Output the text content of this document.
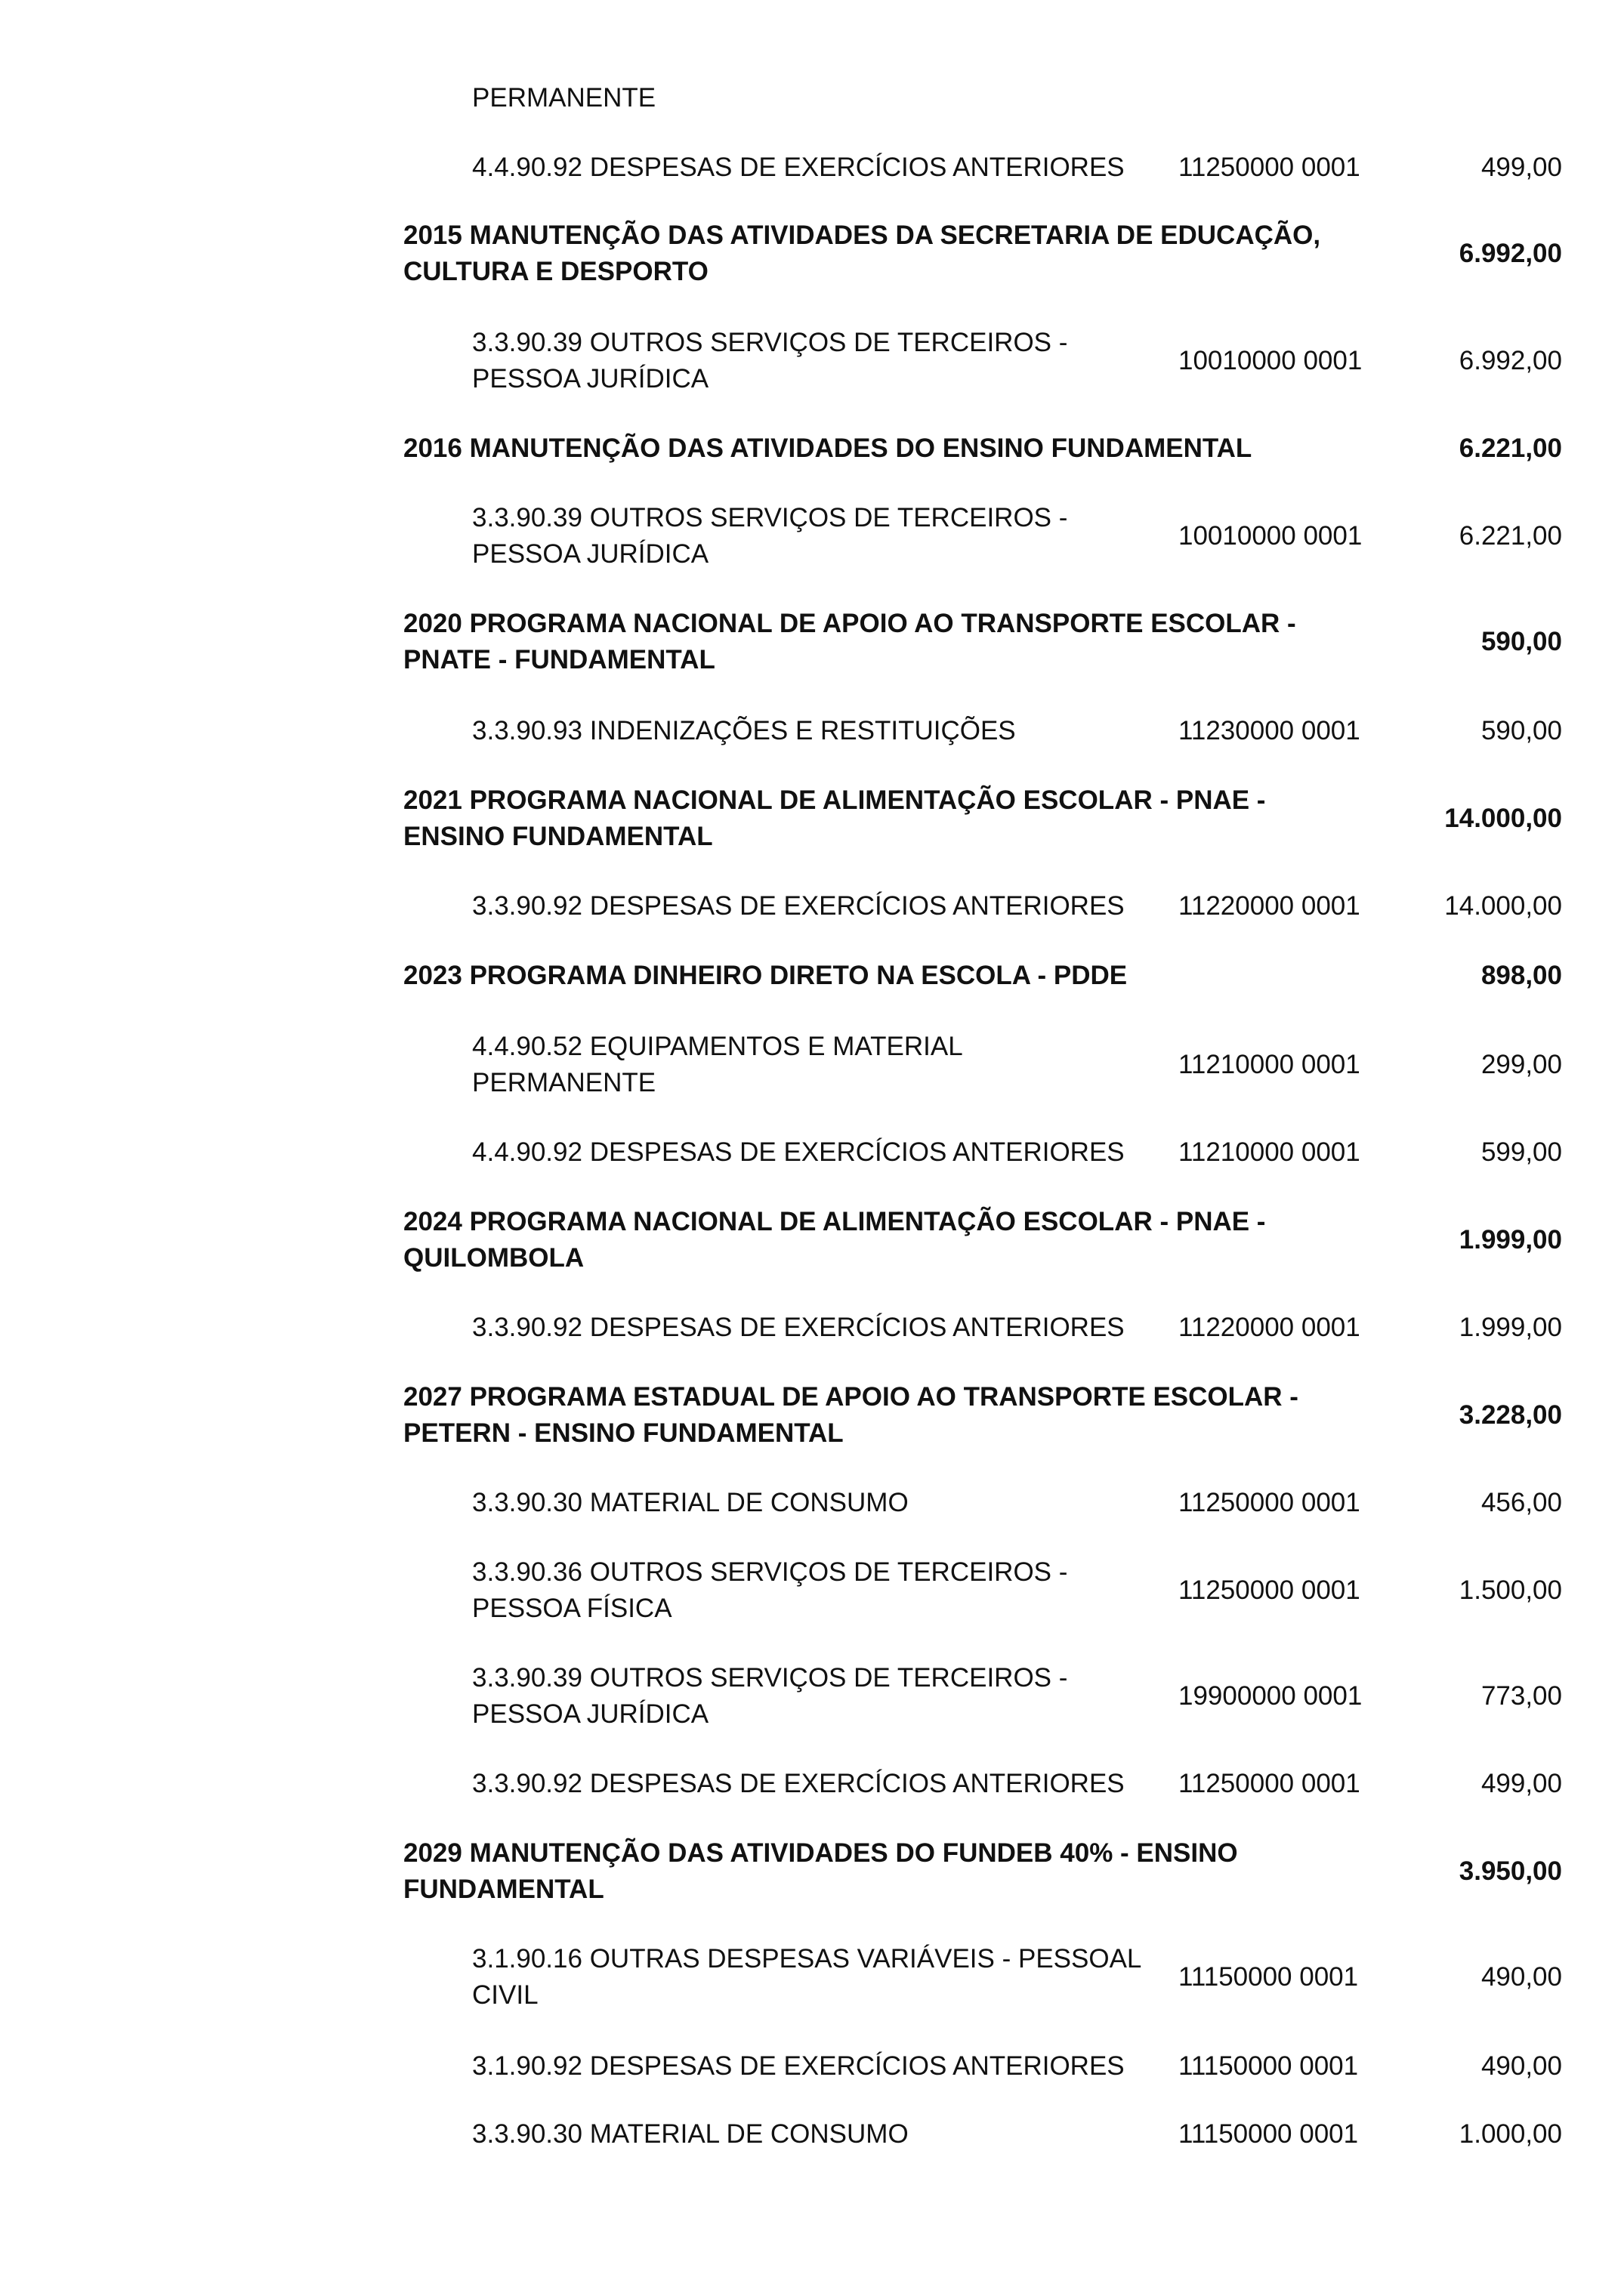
PERMANENTE
4.4.90.92 DESPESAS DE EXERCÍCIOS ANTERIORES 11250000 0001	499,00
2015 MANUTENÇÃO DAS ATIVIDADES DA SECRETARIA DE EDUCAÇÃO,
CULTURA E DESPORTO
6.992,00
3.3.90.39 OUTROS SERVIÇOS DE TERCEIROS -
PESSOA JURÍDICA
10010000 0001	6.992,00
2016 MANUTENÇÃO DAS ATIVIDADES DO ENSINO FUNDAMENTAL	6.221,00
3.3.90.39 OUTROS SERVIÇOS DE TERCEIROS -
PESSOA JURÍDICA
10010000 0001	6.221,00
2020 PROGRAMA NACIONAL DE APOIO AO TRANSPORTE ESCOLAR -
PNATE - FUNDAMENTAL
590,00
3.3.90.93 INDENIZAÇÕES E RESTITUIÇÕES	11230000 0001	590,00
2021 PROGRAMA NACIONAL DE ALIMENTAÇÃO ESCOLAR - PNAE -
ENSINO FUNDAMENTAL
14.000,00
3.3.90.92 DESPESAS DE EXERCÍCIOS ANTERIORES 11220000 0001	14.000,00
2023 PROGRAMA DINHEIRO DIRETO NA ESCOLA - PDDE	898,00
4.4.90.52 EQUIPAMENTOS E MATERIAL
PERMANENTE
11210000 0001	299,00
4.4.90.92 DESPESAS DE EXERCÍCIOS ANTERIORES 11210000 0001	599,00
2024 PROGRAMA NACIONAL DE ALIMENTAÇÃO ESCOLAR - PNAE -
QUILOMBOLA
1.999,00
3.3.90.92 DESPESAS DE EXERCÍCIOS ANTERIORES 11220000 0001	1.999,00
2027 PROGRAMA ESTADUAL DE APOIO AO TRANSPORTE ESCOLAR -
PETERN - ENSINO FUNDAMENTAL
3.228,00
3.3.90.30 MATERIAL DE CONSUMO	11250000 0001	456,00
3.3.90.36 OUTROS SERVIÇOS DE TERCEIROS -
PESSOA FÍSICA
11250000 0001	1.500,00
3.3.90.39 OUTROS SERVIÇOS DE TERCEIROS -
PESSOA JURÍDICA
19900000 0001	773,00
3.3.90.92 DESPESAS DE EXERCÍCIOS ANTERIORES 11250000 0001	499,00
2029 MANUTENÇÃO DAS ATIVIDADES DO FUNDEB 40% - ENSINO
FUNDAMENTAL
3.950,00
3.1.90.16 OUTRAS DESPESAS VARIÁVEIS - PESSOAL
CIVIL
11150000 0001	490,00
3.1.90.92 DESPESAS DE EXERCÍCIOS ANTERIORES 11150000 0001	490,00
3.3.90.30 MATERIAL DE CONSUMO	11150000 0001	1.000,00
